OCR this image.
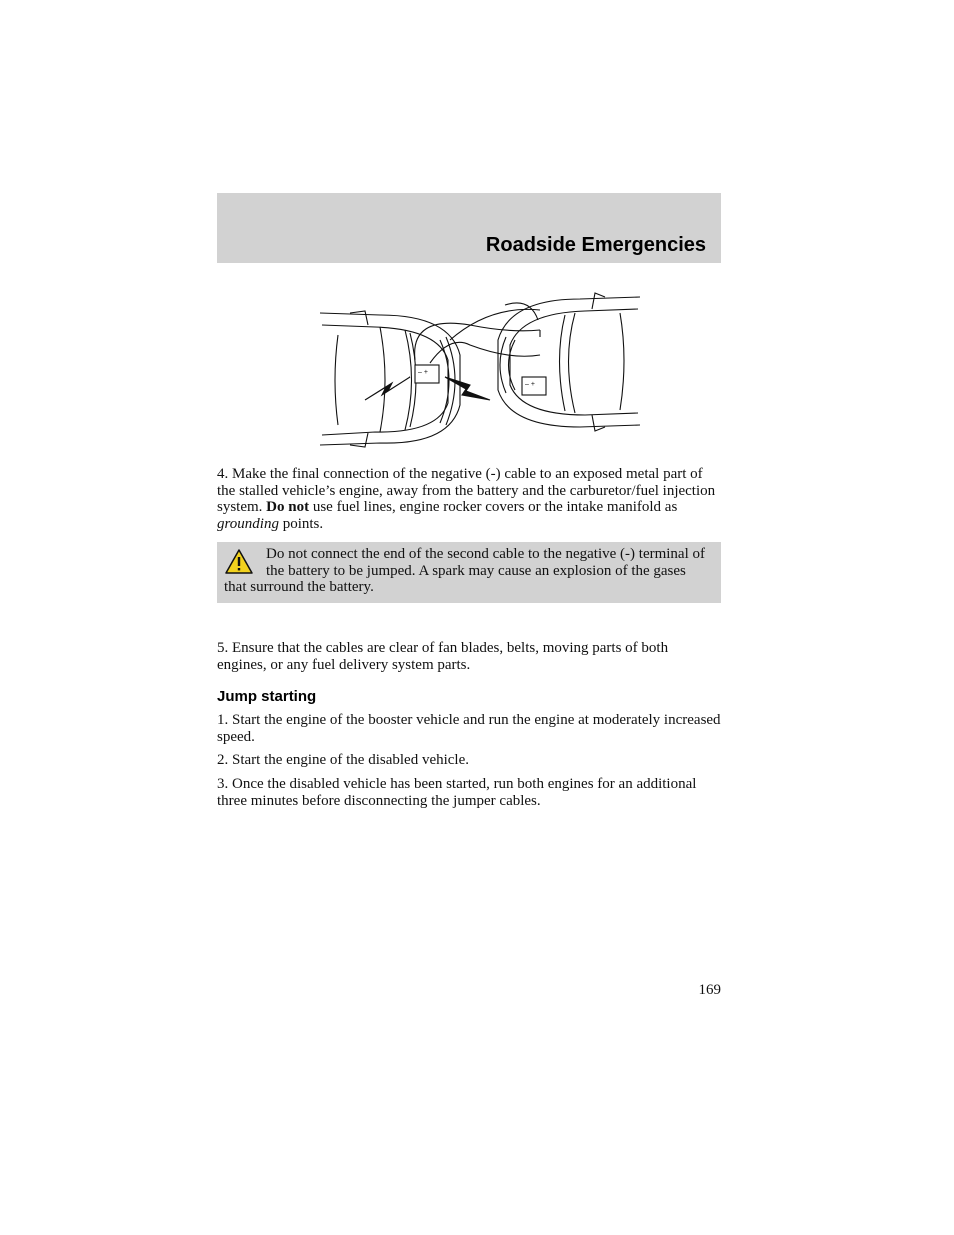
Roadside Emergencies
– +
– +

4. Make the final connection of the negative (-) cable to an exposed metal part of the stalled vehicle’s engine, away from the battery and the carburetor/fuel injection system. Do not use fuel lines, engine rocker covers or the intake manifold as grounding points.

Do not connect the end of the second cable to the negative (-) terminal of the battery to be jumped. A spark may cause an explosion of the gases that surround the battery.

5. Ensure that the cables are clear of fan blades, belts, moving parts of both engines, or any fuel delivery system parts.

Jump starting

1. Start the engine of the booster vehicle and run the engine at moderately increased speed.

2. Start the engine of the disabled vehicle.

3. Once the disabled vehicle has been started, run both engines for an additional three minutes before disconnecting the jumper cables.

169
